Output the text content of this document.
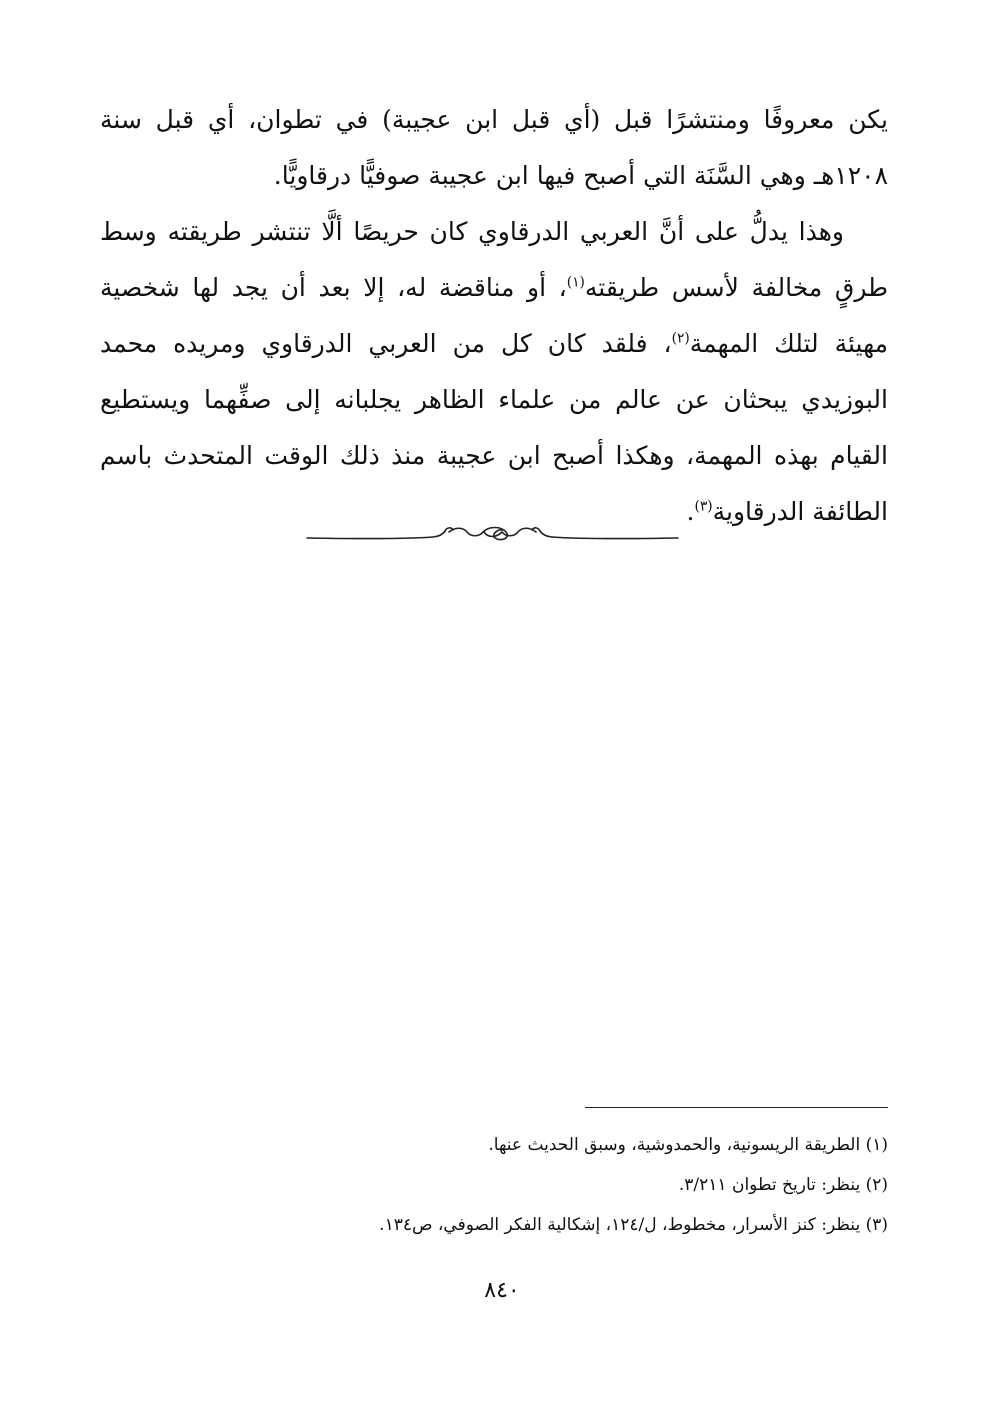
يكن معروفًا ومنتشرًا قبل (أي قبل ابن عجيبة) في تطوان، أي قبل سنة ١٢٠٨هـ وهي السَّنَة التي أصبح فيها ابن عجيبة صوفيًّا درقاويًّا.

وهذا يدلُّ على أنَّ العربي الدرقاوي كان حريصًا ألَّا تنتشر طريقته وسط طرقٍ مخالفة لأسس طريقته$^{(١)}$، أو مناقضة له، إلا بعد أن يجد لها شخصية مهيئة لتلك المهمة$^{(٢)}$، فلقد كان كل من العربي الدرقاوي ومريده محمد البوزيدي يبحثان عن عالم من علماء الظاهر يجلبانه إلى صفِّهما ويستطيع القيام بهذه المهمة، وهكذا أصبح ابن عجيبة منذ ذلك الوقت المتحدث باسم الطائفة الدرقاوية$^{(٣)}$.

(١) الطريقة الريسونية، والحمدوشية، وسبق الحديث عنها.
(٢) ينظر: تاريخ تطوان ٣/٢١١.
(٣) ينظر: كنز الأسرار، مخطوط، ل/١٢٤، إشكالية الفكر الصوفي، ص١٣٤.
٨٤٠
